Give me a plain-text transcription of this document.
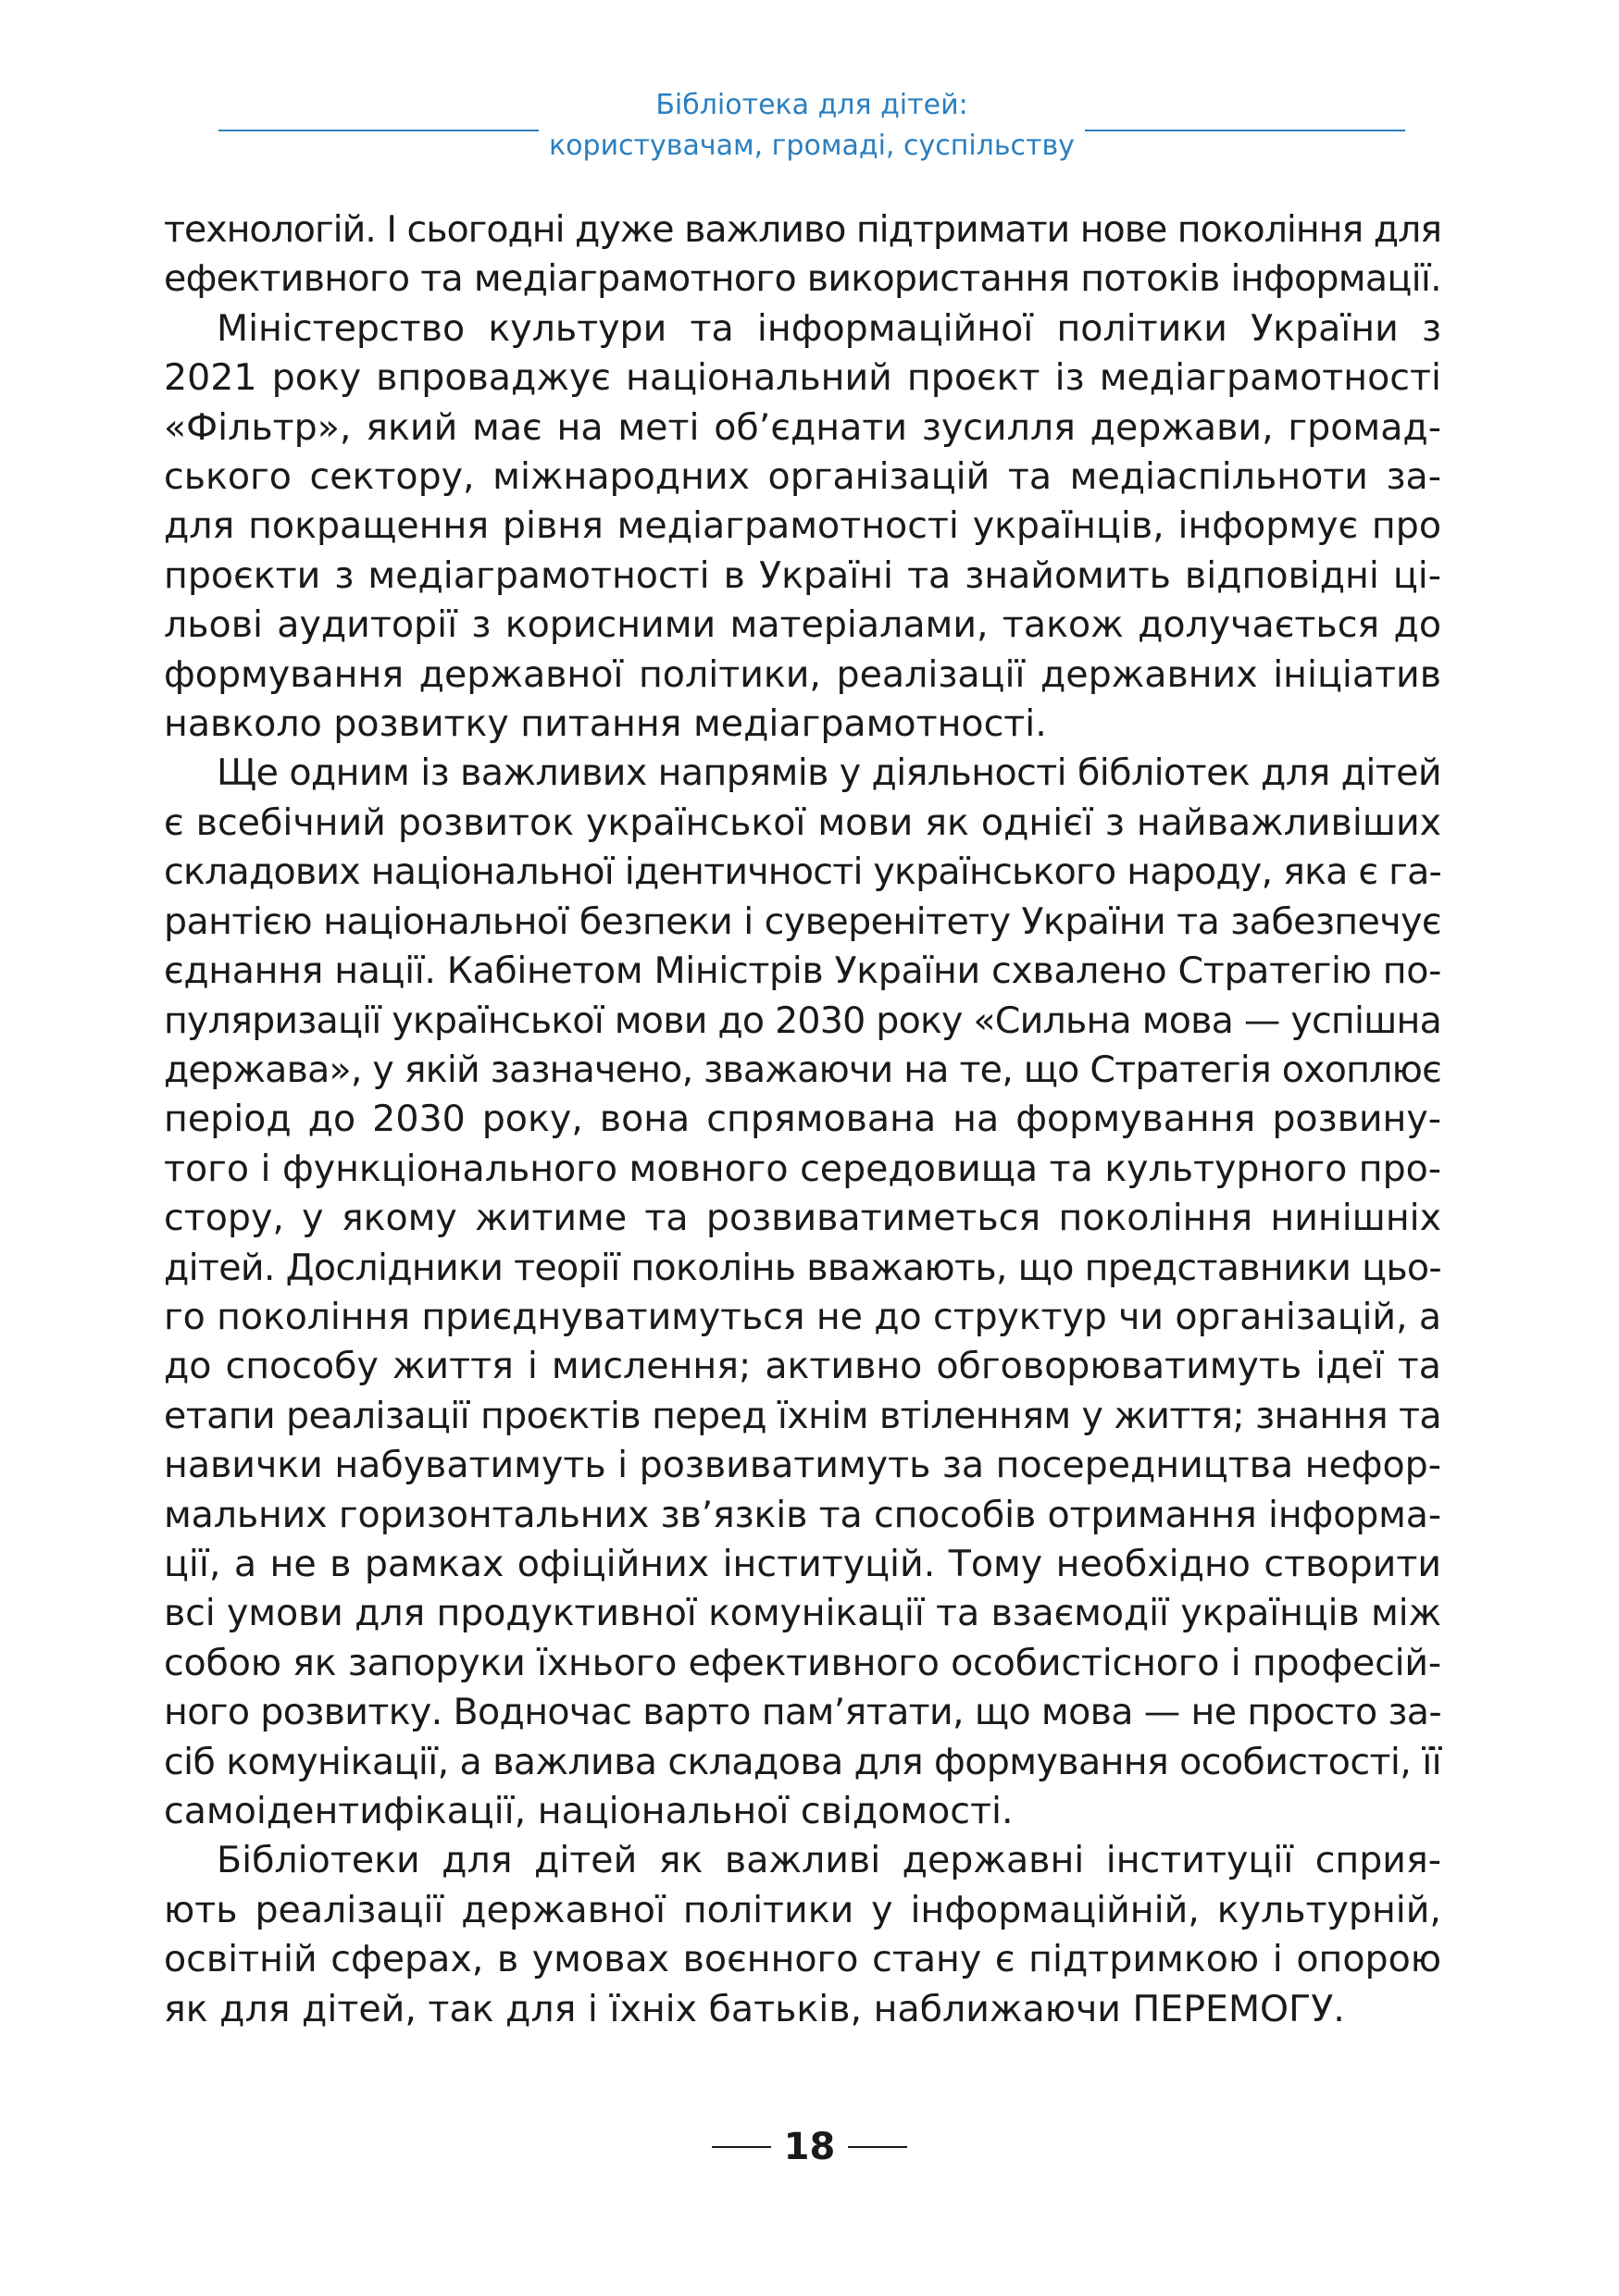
Бібліотека для дітей:
користувачам, громаді, суспільству
технологій. І сьогодні дуже важливо підтримати нове покоління для
ефективного та медіаграмотного використання потоків інформації.
Міністерство культури та інформаційної політики України з
2021 року впроваджує національний проєкт із медіаграмотності
«Фільтр», який має на меті об’єднати зусилля держави, громад-
ського сектору, міжнародних організацій та медіаспільноти за-
для покращення рівня медіаграмотності українців, інформує про
проєкти з медіаграмотності в Україні та знайомить відповідні ці-
льові аудиторії з корисними матеріалами, також долучається до
формування державної політики, реалізації державних ініціатив
навколо розвитку питання медіаграмотності.
Ще одним із важливих напрямів у діяльності бібліотек для дітей
є всебічний розвиток української мови як однієї з найважливіших
складових національної ідентичності українського народу, яка є га-
рантією національної безпеки і суверенітету України та забезпечує
єднання нації. Кабінетом Міністрів України схвалено Стратегію по-
пуляризації української мови до 2030 року «Сильна мова — успішна
держава», у якій зазначено, зважаючи на те, що Стратегія охоплює
період до 2030 року, вона спрямована на формування розвину-
того і функціонального мовного середовища та культурного про-
стору, у якому житиме та розвиватиметься покоління нинішніх
дітей. Дослідники теорії поколінь вважають, що представники цьо-
го покоління приєднуватимуться не до структур чи організацій, а
до способу життя і мислення; активно обговорюватимуть ідеї та
етапи реалізації проєктів перед їхнім втіленням у життя; знання та
навички набуватимуть і розвиватимуть за посередництва нефор-
мальних горизонтальних зв’язків та способів отримання інформа-
ції, а не в рамках офіційних інституцій. Тому необхідно створити
всі умови для продуктивної комунікації та взаємодії українців між
собою як запоруки їхнього ефективного особистісного і професій-
ного розвитку. Водночас варто пам’ятати, що мова — не просто за-
сіб комунікації, а важлива складова для формування особистості, її
самоідентифікації, національної свідомості.
Бібліотеки для дітей як важливі державні інституції сприя-
ють реалізації державної політики у інформаційній, культурній,
освітній сферах, в умовах воєнного стану є підтримкою і опорою
як для дітей, так для і їхніх батьків, наближаючи ПЕРЕМОГУ.
18
